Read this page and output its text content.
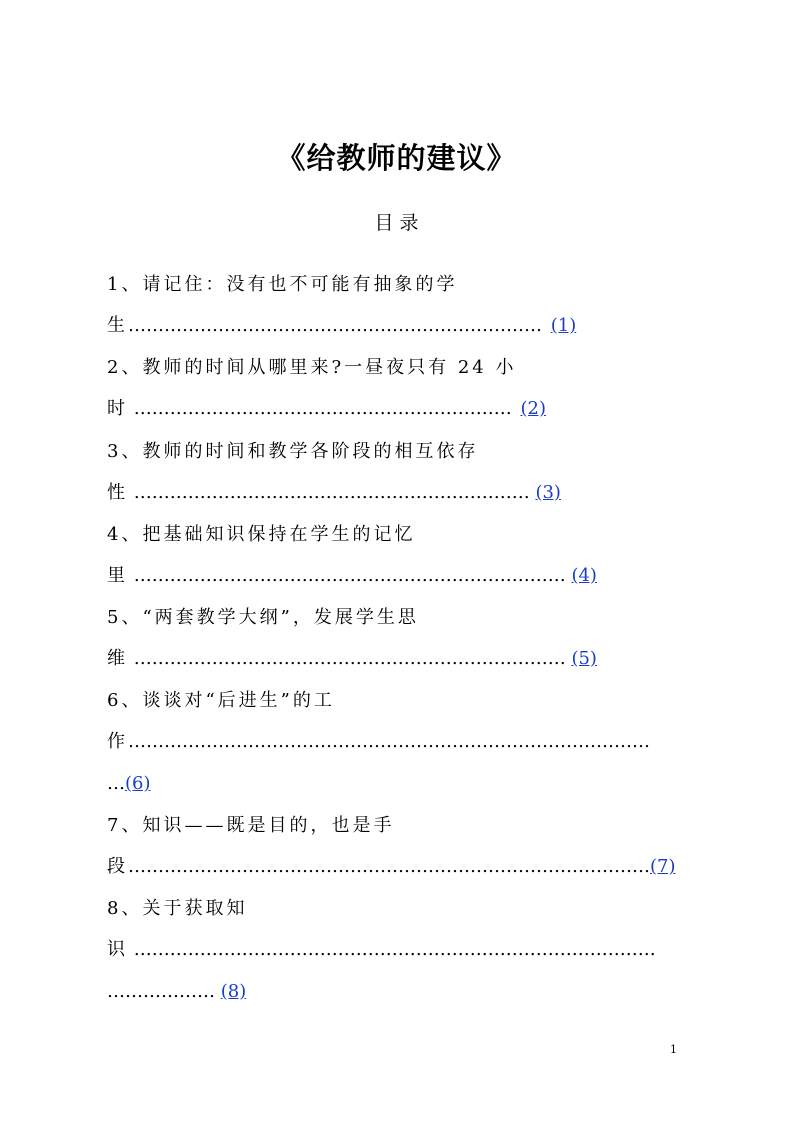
《给教师的建议》
目 录
1、请记住：没有也不可能有抽象的学
生…………………………………………………………… (1)
2、教师的时间从哪里来?一昼夜只有 24 小
时 ……………………………………………………… (2)
3、教师的时间和教学各阶段的相互依存
性 ………………………………………………………… (3)
4、把基础知识保持在学生的记忆
里 ……………………………………………………………… (4)
5、“两套教学大纲”，发展学生思
维 ……………………………………………………………… (5)
6、谈谈对“后进生”的工
作……………………………………………………………………………
…(6)
7、知识——既是目的，也是手
段……………………………………………………………………………(7)
8、关于获取知
识 ……………………………………………………………………………
……………… (8)
1
